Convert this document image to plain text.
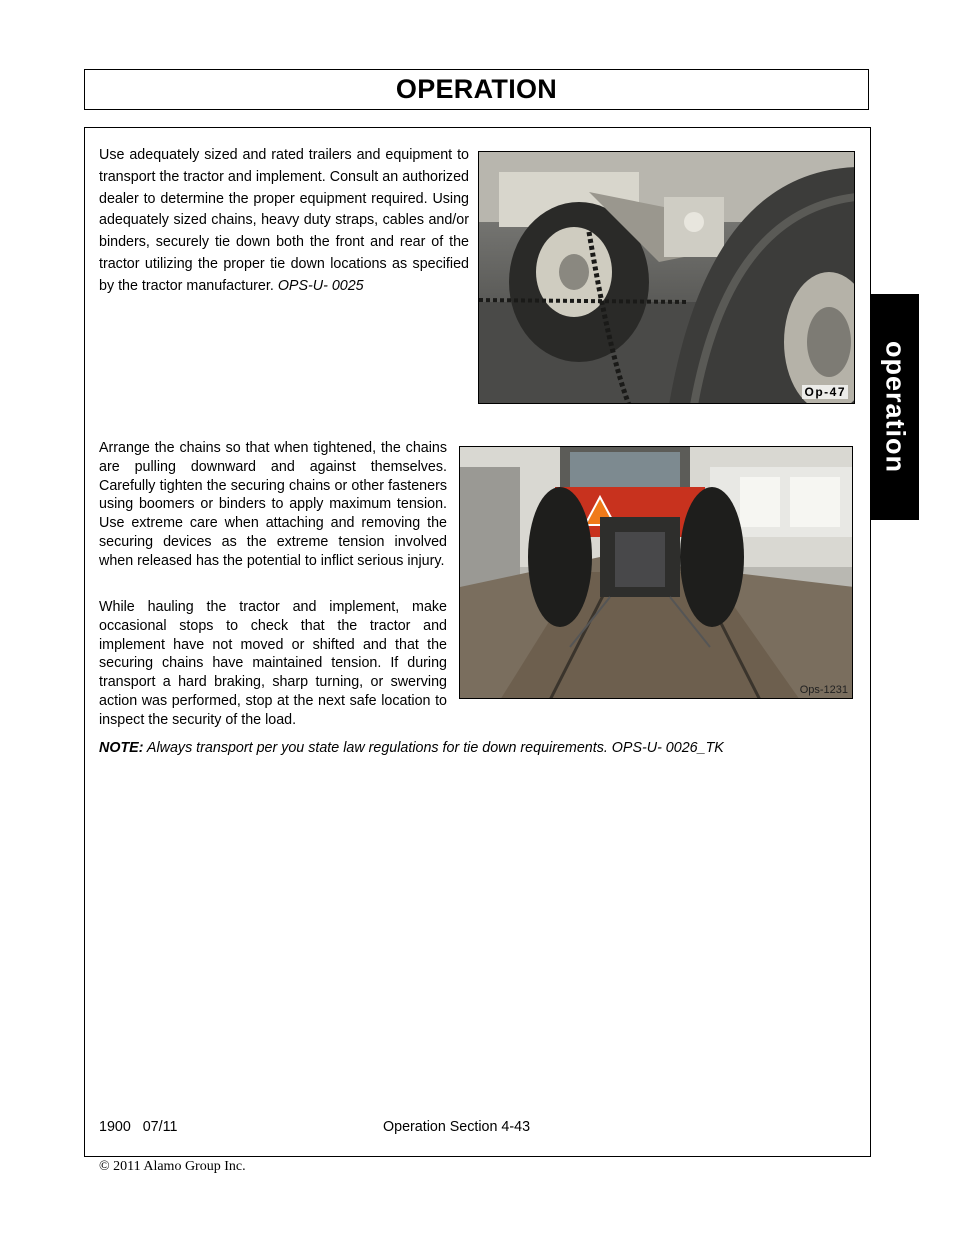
OPERATION
operation

Use adequately sized and rated trailers and equipment to transport the tractor and implement. Consult an authorized dealer to determine the proper equipment required. Using adequately sized chains, heavy duty straps, cables and/or binders, securely tie down both the front and rear of the tractor utilizing the proper tie down locations as specified by the tractor manufacturer. OPS-U- 0025

Op-47

Arrange the chains so that when tightened, the chains are pulling downward and against themselves. Carefully tighten the securing chains or other fasteners using boomers or binders to apply maximum tension. Use extreme care when attaching and removing the securing devices as the extreme tension involved when released has the potential to inflict serious injury.

While hauling the tractor and implement, make occasional stops to check that the tractor and implement have not moved or shifted and that the securing chains have maintained tension. If during transport a hard braking, sharp turning, or swerving action was performed, stop at the next safe location to inspect the security of the load.

Ops-1231
NOTE: Always transport per you state law regulations for tie down requirements. OPS-U- 0026_TK
1900   07/11	Operation Section 4-43
© 2011 Alamo Group Inc.
